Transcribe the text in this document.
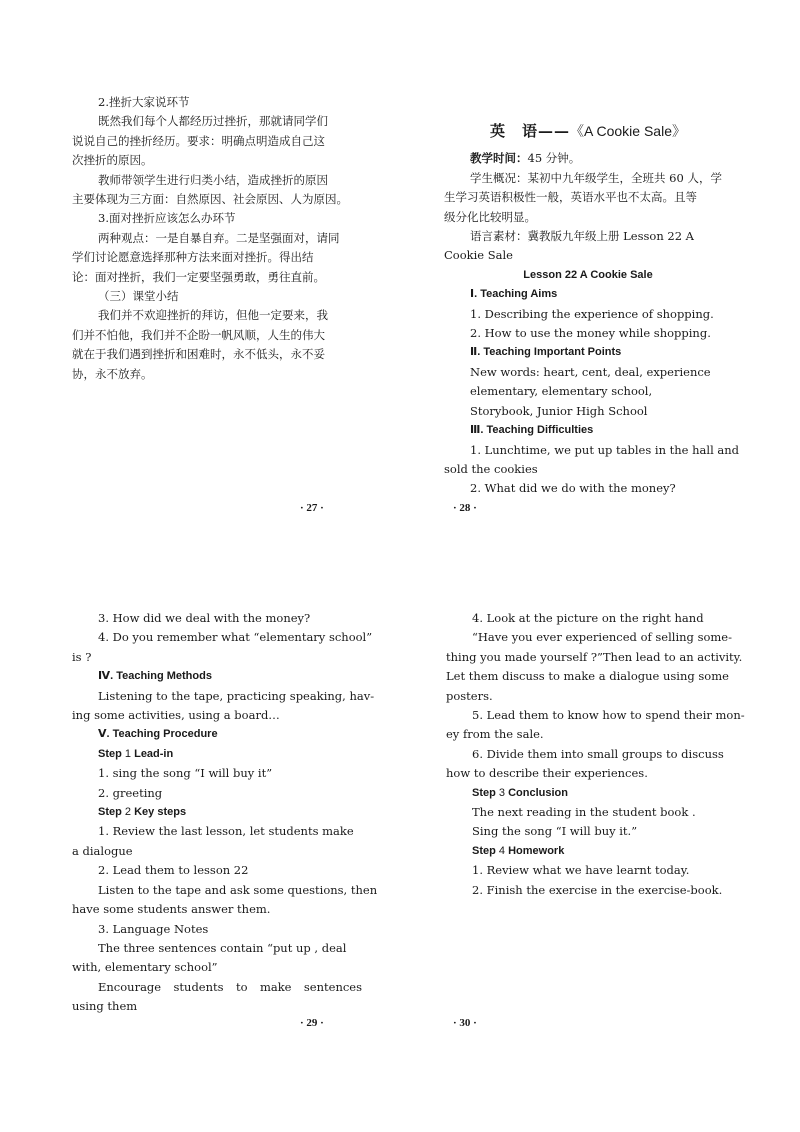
2.挫折大家说环节
既然我们每个人都经历过挫折，那就请同学们
说说自己的挫折经历。要求：明确点明造成自己这
次挫折的原因。
教师带领学生进行归类小结，造成挫折的原因
主要体现为三方面：自然原因、社会原因、人为原因。
3.面对挫折应该怎么办环节
两种观点：一是自暴自弃。二是坚强面对，请同
学们讨论愿意选择那种方法来面对挫折。得出结
论：面对挫折，我们一定要坚强勇敢，勇往直前。
（三）课堂小结
我们并不欢迎挫折的拜访，但他一定要来，我
们并不怕他，我们并不企盼一帆风顺，人生的伟大
就在于我们遇到挫折和困难时，永不低头，永不妥
协，永不放弃。
· 27 ·
英　语——《A Cookie Sale》
教学时间：45 分钟。
学生概况：某初中九年级学生，全班共 60 人，学
生学习英语积极性一般，英语水平也不太高。且等
级分化比较明显。
语言素材：冀教版九年级上册 Lesson 22 A
Cookie Sale
Lesson 22 A Cookie Sale
Ⅰ. Teaching Aims
1. Describing the experience of shopping.
2. How to use the money while shopping.
Ⅱ. Teaching Important Points
New words: heart, cent, deal, experience
elementary, elementary school,
Storybook, Junior High School
Ⅲ. Teaching Difficulties
1. Lunchtime, we put up tables in the hall and
sold the cookies
2. What did we do with the money?
· 28 ·
3. How did we deal with the money?
4. Do you remember what “elementary school”
is ?
Ⅳ. Teaching Methods
Listening to the tape, practicing speaking, hav-
ing some activities, using a board…
Ⅴ. Teaching Procedure
Step 1 Lead-in
1. sing the song “I will buy it”
2. greeting
Step 2 Key steps
1. Review the last lesson, let students make
a dialogue
2. Lead them to lesson 22
Listen to the tape and ask some questions, then
have some students answer them.
3. Language Notes
The three sentences contain “put up , deal
with, elementary school”
Encourage students to make sentences
using them
· 29 ·
4. Look at the picture on the right hand
“Have you ever experienced of selling some-
thing you made yourself ?”Then lead to an activity.
Let them discuss to make a dialogue using some
posters.
5. Lead them to know how to spend their mon-
ey from the sale.
6. Divide them into small groups to discuss
how to describe their experiences.
Step 3 Conclusion
The next reading in the student book .
Sing the song “I will buy it.”
Step 4 Homework
1. Review what we have learnt today.
2. Finish the exercise in the exercise-book.
· 30 ·
